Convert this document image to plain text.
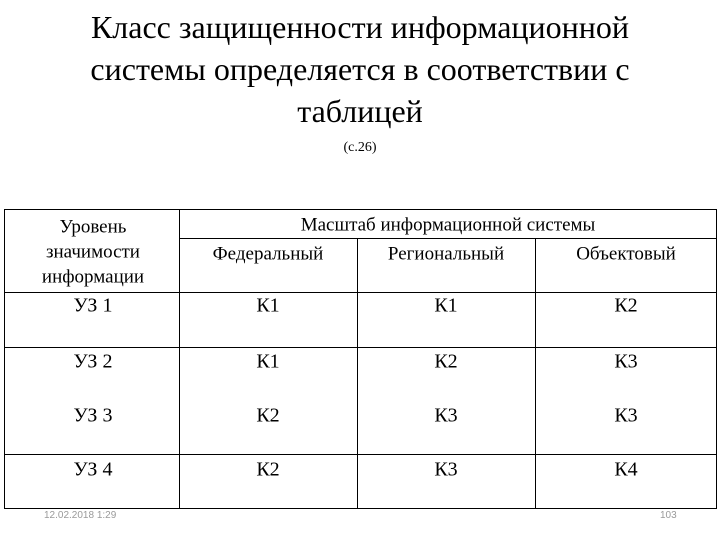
Класс защищенности информационной
системы определяется в соответствии с
таблицей
(с.26)
Уровень
значимости
информации
Масштаб информационной системы
Федеральный	Региональный	Объектовый
УЗ 1	К1	К1	К2
УЗ 2	К1	К2	К3
УЗ 3	К2	К3	К3
УЗ 4	К2	К3	К4
12.02.2018 1:29	103
